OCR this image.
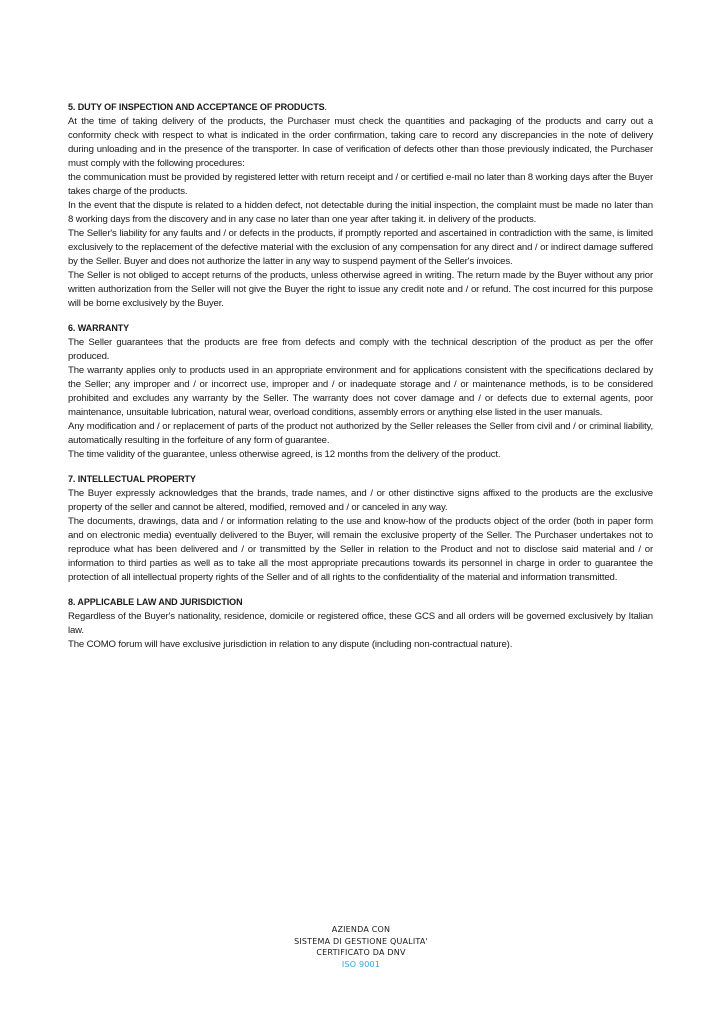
5. DUTY OF INSPECTION AND ACCEPTANCE OF PRODUCTS.

At the time of taking delivery of the products, the Purchaser must check the quantities and packaging of the products and carry out a conformity check with respect to what is indicated in the order confirmation, taking care to record any discrepancies in the note of delivery during unloading and in the presence of the transporter. In case of verification of defects other than those previously indicated, the Purchaser must comply with the following procedures:

the communication must be provided by registered letter with return receipt and / or certified e-mail no later than 8 working days after the Buyer takes charge of the products.

In the event that the dispute is related to a hidden defect, not detectable during the initial inspection, the complaint must be made no later than 8 working days from the discovery and in any case no later than one year after taking it. in delivery of the products.

The Seller's liability for any faults and / or defects in the products, if promptly reported and ascertained in contradiction with the same, is limited exclusively to the replacement of the defective material with the exclusion of any compensation for any direct and / or indirect damage suffered by the Seller. Buyer and does not authorize the latter in any way to suspend payment of the Seller's invoices.

The Seller is not obliged to accept returns of the products, unless otherwise agreed in writing. The return made by the Buyer without any prior written authorization from the Seller will not give the Buyer the right to issue any credit note and / or refund. The cost incurred for this purpose will be borne exclusively by the Buyer.

6. WARRANTY

The Seller guarantees that the products are free from defects and comply with the technical description of the product as per the offer produced.

The warranty applies only to products used in an appropriate environment and for applications consistent with the specifications declared by the Seller; any improper and / or incorrect use, improper and / or inadequate storage and / or maintenance methods, is to be considered prohibited and excludes any warranty by the Seller. The warranty does not cover damage and / or defects due to external agents, poor maintenance, unsuitable lubrication, natural wear, overload conditions, assembly errors or anything else listed in the user manuals.

Any modification and / or replacement of parts of the product not authorized by the Seller releases the Seller from civil and / or criminal liability, automatically resulting in the forfeiture of any form of guarantee.

The time validity of the guarantee, unless otherwise agreed, is 12 months from the delivery of the product.

7. INTELLECTUAL PROPERTY

The Buyer expressly acknowledges that the brands, trade names, and / or other distinctive signs affixed to the products are the exclusive property of the seller and cannot be altered, modified, removed and / or canceled in any way.

The documents, drawings, data and / or information relating to the use and know-how of the products object of the order (both in paper form and on electronic media) eventually delivered to the Buyer, will remain the exclusive property of the Seller. The Purchaser undertakes not to reproduce what has been delivered and / or transmitted by the Seller in relation to the Product and not to disclose said material and / or information to third parties as well as to take all the most appropriate precautions towards its personnel in charge in order to guarantee the protection of all intellectual property rights of the Seller and of all rights to the confidentiality of the material and information transmitted.

8. APPLICABLE LAW AND JURISDICTION

Regardless of the Buyer's nationality, residence, domicile or registered office, these GCS and all orders will be governed exclusively by Italian law.

The COMO forum will have exclusive jurisdiction in relation to any dispute (including non-contractual nature).

AZIENDA CON
SISTEMA DI GESTIONE QUALITA'
CERTIFICATO DA DNV
ISO 9001
